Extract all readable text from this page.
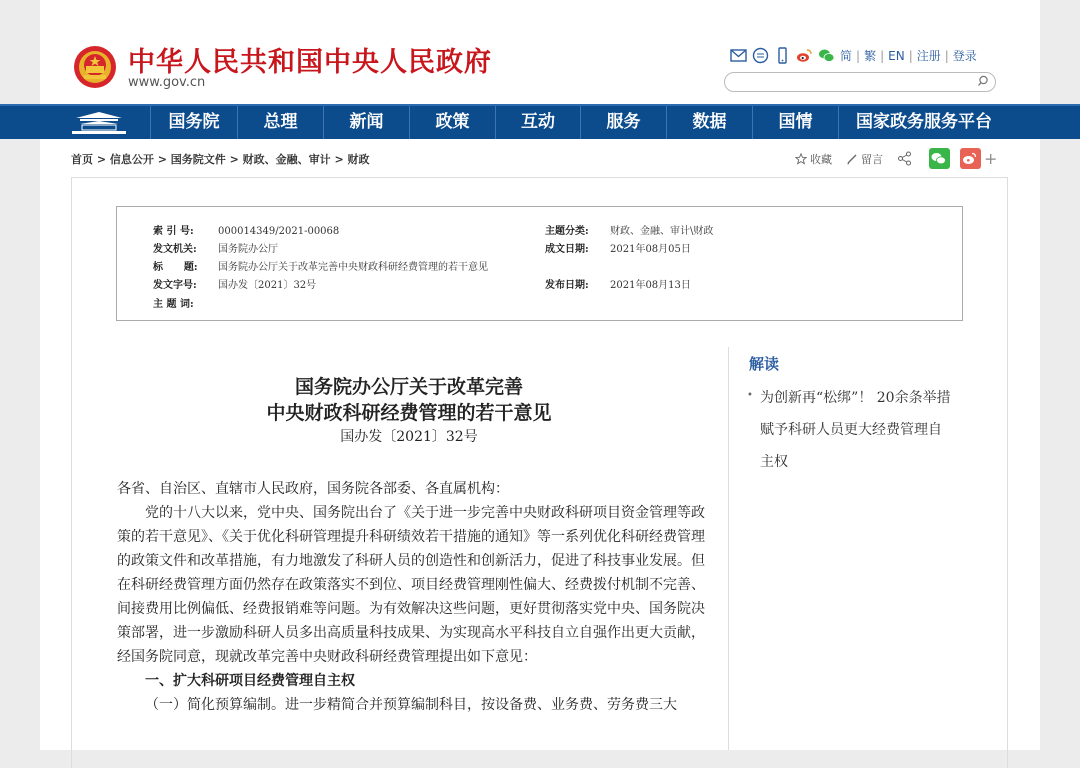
中华人民共和国中央人民政府
www.gov.cn
简 | 繁 | EN | 注册 | 登录
国务院	总理	新闻	政策	互动	服务	数据	国情	国家政务服务平台
首页 > 信息公开 > 国务院文件 > 财政、金融、审计 > 财政	收藏	留言	+
索 引 号: 000014349/2021-00068	主题分类: 财政、金融、审计\财政
发文机关: 国务院办公厅	成文日期: 2021年08月05日
标      题: 国务院办公厅关于改革完善中央财政科研经费管理的若干意见
发文字号: 国办发〔2021〕32号	发布日期: 2021年08月13日
主 题 词:
国务院办公厅关于改革完善
中央财政科研经费管理的若干意见
国办发〔2021〕32号

各省、自治区、直辖市人民政府，国务院各部委、各直属机构：

党的十八大以来，党中央、国务院出台了《关于进一步完善中央财政科研项目资金管理等政策的若干意见》、《关于优化科研管理提升科研绩效若干措施的通知》等一系列优化科研经费管理的政策文件和改革措施，有力地激发了科研人员的创造性和创新活力，促进了科技事业发展。但在科研经费管理方面仍然存在政策落实不到位、项目经费管理刚性偏大、经费拨付机制不完善、间接费用比例偏低、经费报销难等问题。为有效解决这些问题，更好贯彻落实党中央、国务院决策部署，进一步激励科研人员多出高质量科技成果、为实现高水平科技自立自强作出更大贡献，经国务院同意，现就改革完善中央财政科研经费管理提出如下意见：

一、扩大科研项目经费管理自主权

（一）简化预算编制。进一步精简合并预算编制科目，按设备费、业务费、劳务费三大

解读
• 为创新再“松绑”！ 20余条举措赋予科研人员更大经费管理自主权
